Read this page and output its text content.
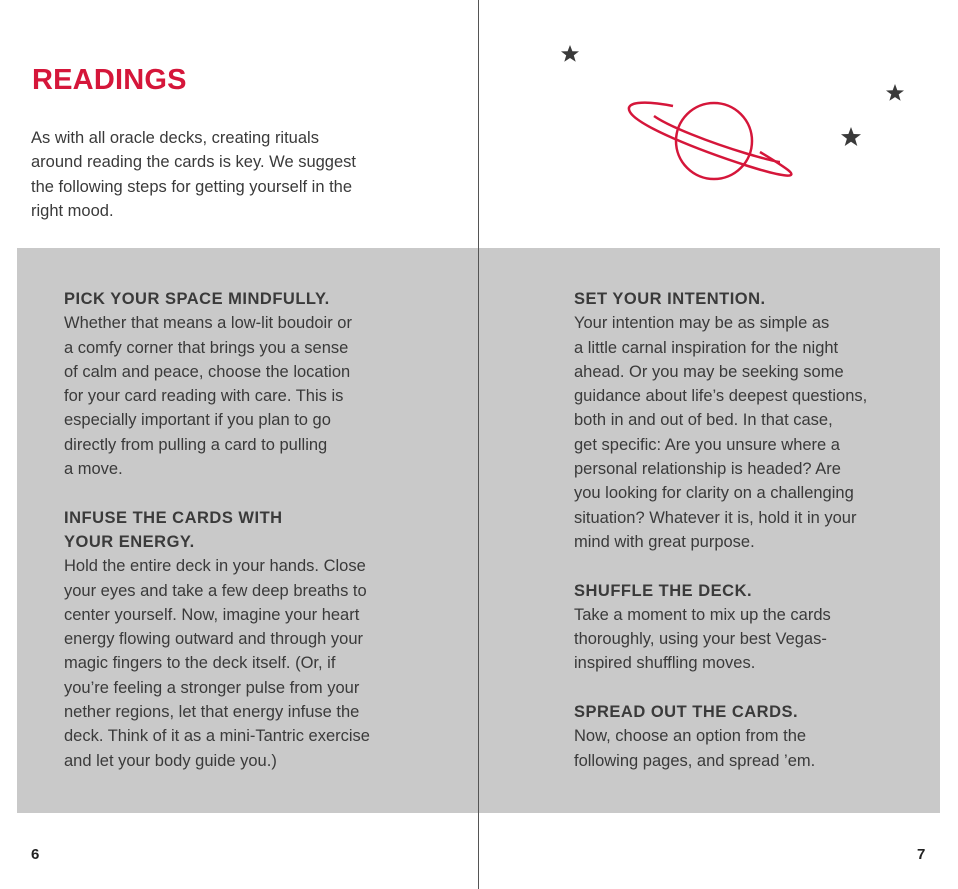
READINGS

As with all oracle decks, creating rituals
around reading the cards is key. We suggest
the following steps for getting yourself in the
right mood.

PICK YOUR SPACE MINDFULLY.

Whether that means a low-lit boudoir or
a comfy corner that brings you a sense
of calm and peace, choose the location
for your card reading with care. This is
especially important if you plan to go
directly from pulling a card to pulling
a move.

INFUSE THE CARDS WITH
YOUR ENERGY.

Hold the entire deck in your hands. Close
your eyes and take a few deep breaths to
center yourself. Now, imagine your heart
energy flowing outward and through your
magic fingers to the deck itself. (Or, if
you’re feeling a stronger pulse from your
nether regions, let that energy infuse the
deck. Think of it as a mini-Tantric exercise
and let your body guide you.)

6
SET YOUR INTENTION.

Your intention may be as simple as
a little carnal inspiration for the night
ahead. Or you may be seeking some
guidance about life’s deepest questions,
both in and out of bed. In that case,
get specific: Are you unsure where a
personal relationship is headed? Are
you looking for clarity on a challenging
situation? Whatever it is, hold it in your
mind with great purpose.

SHUFFLE THE DECK.

Take a moment to mix up the cards
thoroughly, using your best Vegas-
inspired shuffling moves.

SPREAD OUT THE CARDS.

Now, choose an option from the
following pages, and spread ’em.

7
